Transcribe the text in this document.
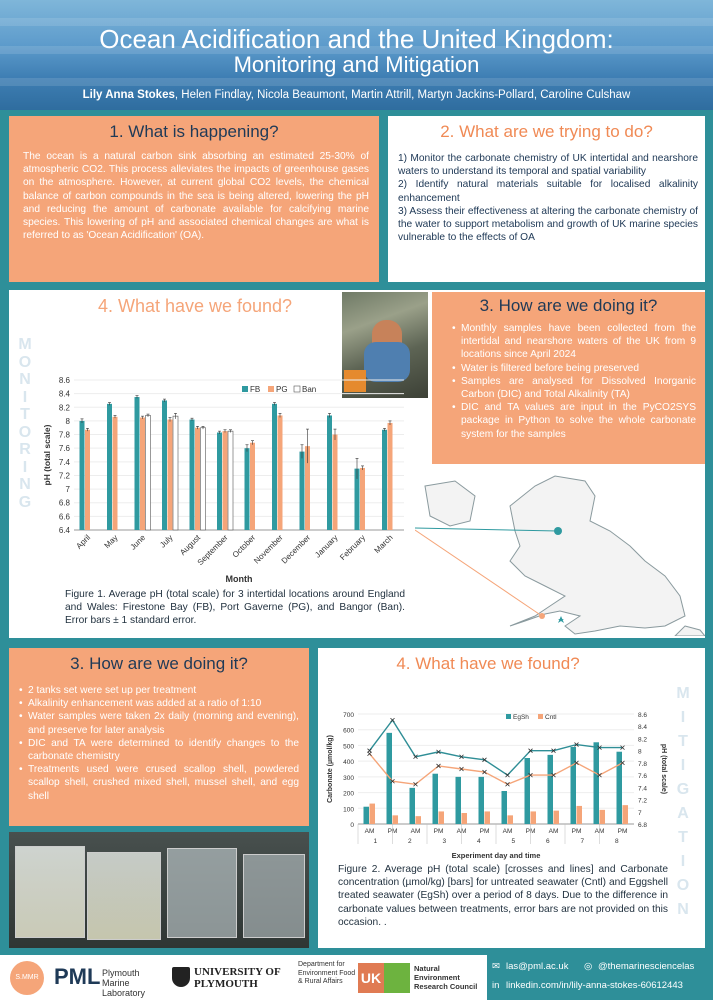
Ocean Acidification and the United Kingdom:
Monitoring and Mitigation
Lily Anna Stokes, Helen Findlay, Nicola Beaumont, Martin Attrill, Martyn Jackins-Pollard, Caroline Culshaw
1. What is happening?
The ocean is a natural carbon sink absorbing an estimated 25-30% of atmospheric CO2. This process alleviates the impacts of greenhouse gases on the atmosphere. However, at current global CO2 levels, the chemical balance of carbon compounds in the sea is being altered, lowering the pH and reducing the amount of carbonate available for calcifying marine species. This lowering of pH and associated chemical changes are what is referred to as 'Ocean Acidification' (OA).
2. What are we trying to do?
1) Monitor the carbonate chemistry of UK intertidal and nearshore waters to understand its temporal and spatial variability
2) Identify natural materials suitable for localised alkalinity enhancement
3) Assess their effectiveness at altering the carbonate chemistry of the water to support metabolism and growth of UK marine species vulnerable to the effects of OA
4. What have we found?
MONITORING
3. How are we doing it?
• Monthly samples have been collected from the intertidal and nearshore waters of the UK from 9 locations since April 2024
• Water is filtered before being preserved
• Samples are analysed for Dissolved Inorganic Carbon (DIC) and Total Alkalinity (TA)
• DIC and TA values are input in the PyCO2SYS package in Python to solve the whole carbonate system for the samples
6.4
6.6
6.8
7
7.2
7.4
7.6
7.8
8
8.2
8.4
8.6
pH (total scale)
Month
April May June July August
September October
November
December January
February March
FB PG Ban
Figure 1. Average pH (total scale) for 3 intertidal locations around England and Wales: Firestone Bay (FB), Port Gaverne (PG), and Bangor (Ban). Error bars ± 1 standard error.
3. How are we doing it?
• 2 tanks set were set up per treatment
• Alkalinity enhancement was added at a ratio of 1:10
• Water samples were taken 2x daily (morning and evening), and preserve for later analysis
• DIC and TA were determined to identify changes to the carbonate chemistry
• Treatments used were crused scallop shell, powdered scallop shell, crushed mixed shell, mussel shell, and egg shell
4. What have we found?
MITIGATION
0
100
200
300
400
500
600
700
6.8
7
7.2
7.4
7.6
7.8
8
8.2
8.4
8.6
Carbonate (µmol/kg)	pH (total scale)
Experiment day and time
AM PM AM PM AM PM AM PM AM PM AM PM
1	2	3	4	5	6	7	8
EgSh Cntl
Figure 2. Average pH (total scale) [crosses and lines] and Carbonate concentration (µmol/kg) [bars] for untreated seawater (Cntl) and Eggshell treated seawater (EgSh) over a period of 8 days. Due to the difference in carbonate values between treatments, error bars are not provided on this occasion. .
S.MMR PML Plymouth Marine Laboratory
UNIVERSITY OF PLYMOUTH
Department for Environment Food & Rural Affairs	UK
Natural Environment Research Council
✉ las@pml.ac.uk ◎ @themarinesciencelas
in linkedin.com/in/lily-anna-stokes-60612443
